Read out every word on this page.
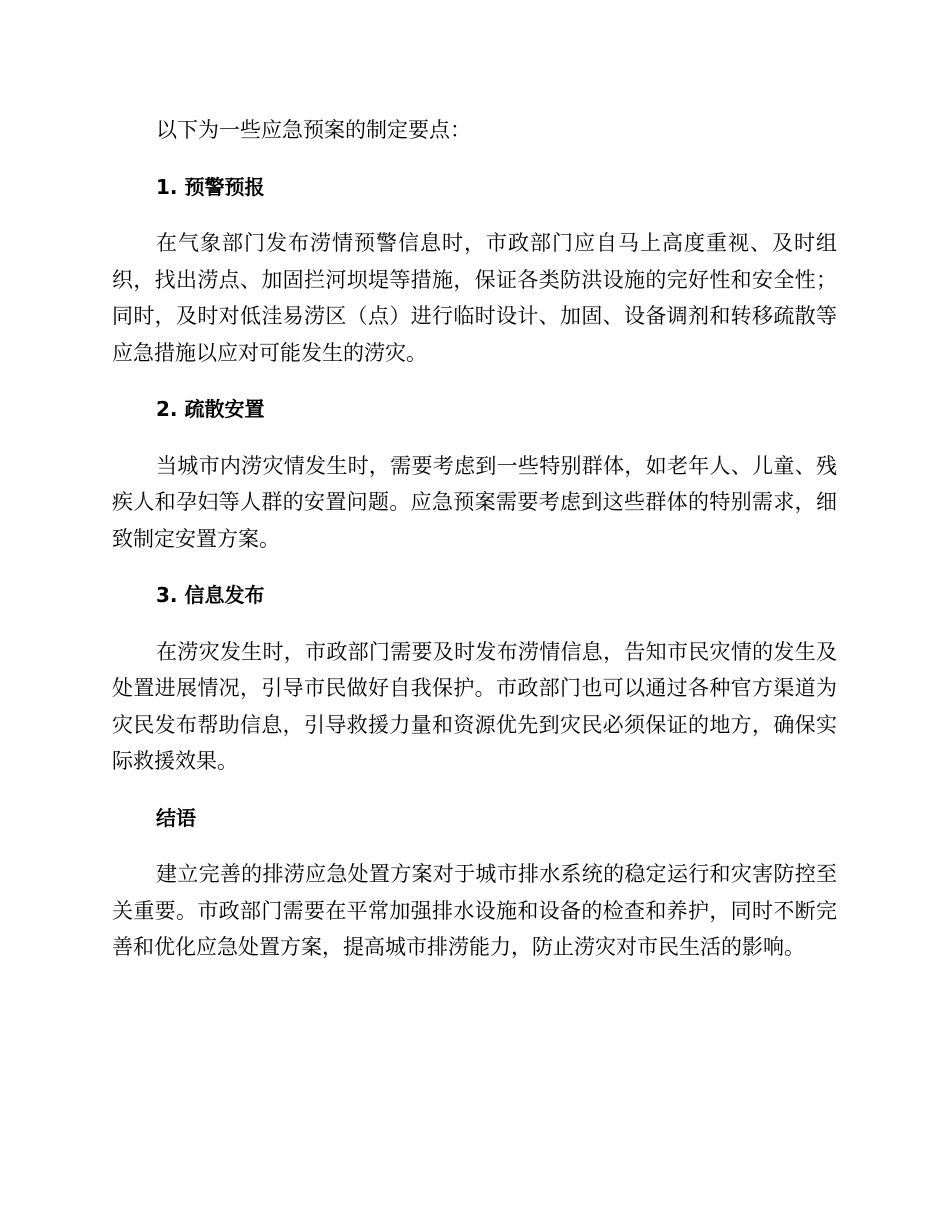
以下为一些应急预案的制定要点：

1. 预警预报

在气象部门发布涝情预警信息时，市政部门应自马上高度重视、及时组织，找出涝点、加固拦河坝堤等措施，保证各类防洪设施的完好性和安全性； 同时，及时对低洼易涝区（点）进行临时设计、加固、设备调剂和转移疏散等应急措施以应对可能发生的涝灾。

2. 疏散安置

当城市内涝灾情发生时，需要考虑到一些特别群体，如老年人、儿童、残疾人和孕妇等人群的安置问题。应急预案需要考虑到这些群体的特别需求，细致制定安置方案。

3. 信息发布

在涝灾发生时，市政部门需要及时发布涝情信息，告知市民灾情的发生及处置进展情况，引导市民做好自我保护。市政部门也可以通过各种官方渠道为灾民发布帮助信息，引导救援力量和资源优先到灾民必须保证的地方，确保实际救援效果。

结语

建立完善的排涝应急处置方案对于城市排水系统的稳定运行和灾害防控至关重要。市政部门需要在平常加强排水设施和设备的检查和养护，同时不断完善和优化应急处置方案，提高城市排涝能力，防止涝灾对市民生活的影响。
